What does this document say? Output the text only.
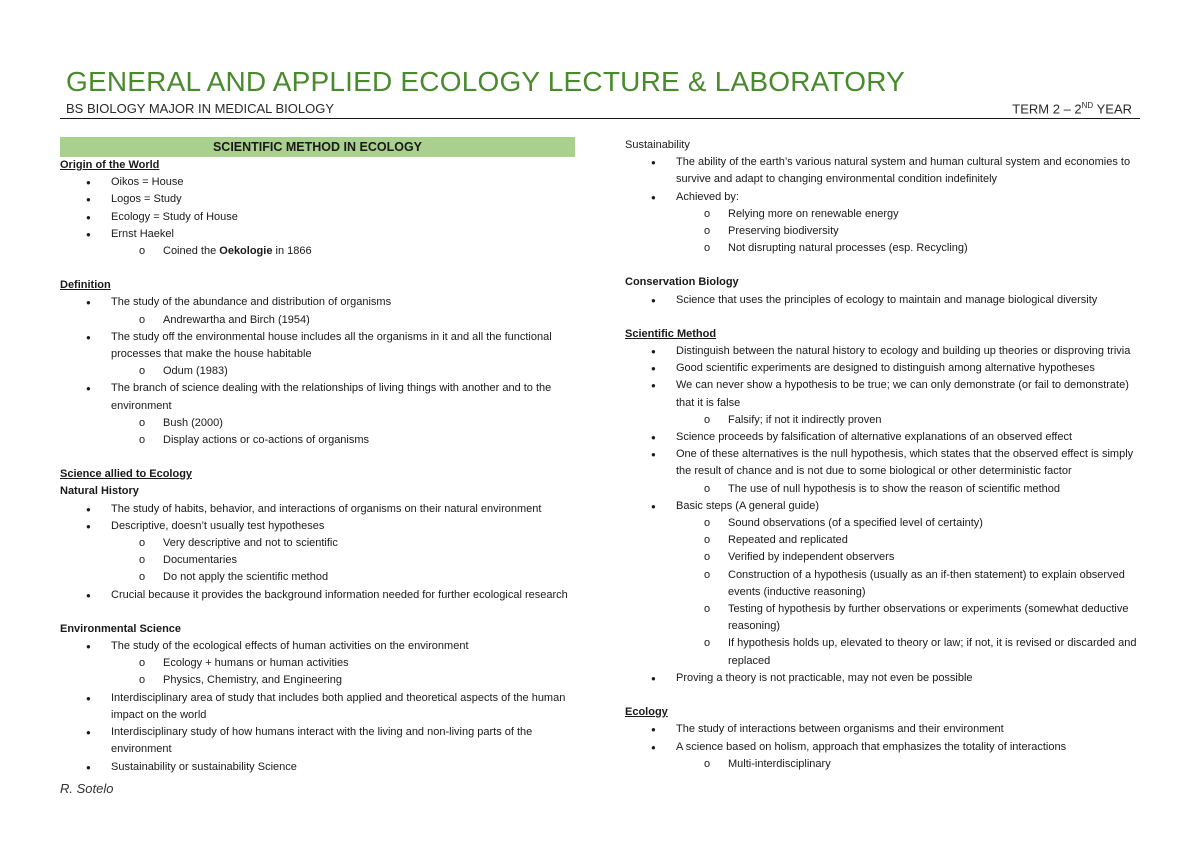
GENERAL AND APPLIED ECOLOGY LECTURE & LABORATORY
BS BIOLOGY MAJOR IN MEDICAL BIOLOGY	TERM 2 – 2ND YEAR
SCIENTIFIC METHOD IN ECOLOGY
Origin of the World
● Oikos = House
● Logos = Study
● Ecology = Study of House
● Ernst Haekel
o Coined the Oekologie in 1866
Definition
● The study of the abundance and distribution of organisms
o Andrewartha and Birch (1954)
● The study off the environmental house includes all the organisms in it and all the functional processes that make the house habitable
o Odum (1983)
● The branch of science dealing with the relationships of living things with another and to the environment
o Bush (2000)
o Display actions or co-actions of organisms
Science allied to Ecology
Natural History
● The study of habits, behavior, and interactions of organisms on their natural environment
● Descriptive, doesn’t usually test hypotheses
o Very descriptive and not to scientific
o Documentaries
o Do not apply the scientific method
● Crucial because it provides the background information needed for further ecological research
Environmental Science
● The study of the ecological effects of human activities on the environment
o Ecology + humans or human activities
o Physics, Chemistry, and Engineering
● Interdisciplinary area of study that includes both applied and theoretical aspects of the human impact on the world
● Interdisciplinary study of how humans interact with the living and non-living parts of the environment
● Sustainability or sustainability Science
Sustainability
● The ability of the earth’s various natural system and human cultural system and economies to survive and adapt to changing environmental condition indefinitely
● Achieved by:
o Relying more on renewable energy
o Preserving biodiversity
o Not disrupting natural processes (esp. Recycling)
Conservation Biology
● Science that uses the principles of ecology to maintain and manage biological diversity
Scientific Method
● Distinguish between the natural history to ecology and building up theories or disproving trivia
● Good scientific experiments are designed to distinguish among alternative hypotheses
● We can never show a hypothesis to be true; we can only demonstrate (or fail to demonstrate) that it is false
o Falsify; if not it indirectly proven
● Science proceeds by falsification of alternative explanations of an observed effect
● One of these alternatives is the null hypothesis, which states that the observed effect is simply the result of chance and is not due to some biological or other deterministic factor
o The use of null hypothesis is to show the reason of scientific method
● Basic steps (A general guide)
o Sound observations (of a specified level of certainty)
o Repeated and replicated
o Verified by independent observers
o Construction of a hypothesis (usually as an if-then statement) to explain observed events (inductive reasoning)
o Testing of hypothesis by further observations or experiments (somewhat deductive reasoning)
o If hypothesis holds up, elevated to theory or law; if not, it is revised or discarded and replaced
● Proving a theory is not practicable, may not even be possible
Ecology
● The study of interactions between organisms and their environment
● A science based on holism, approach that emphasizes the totality of interactions
o Multi-interdisciplinary
R. Sotelo
